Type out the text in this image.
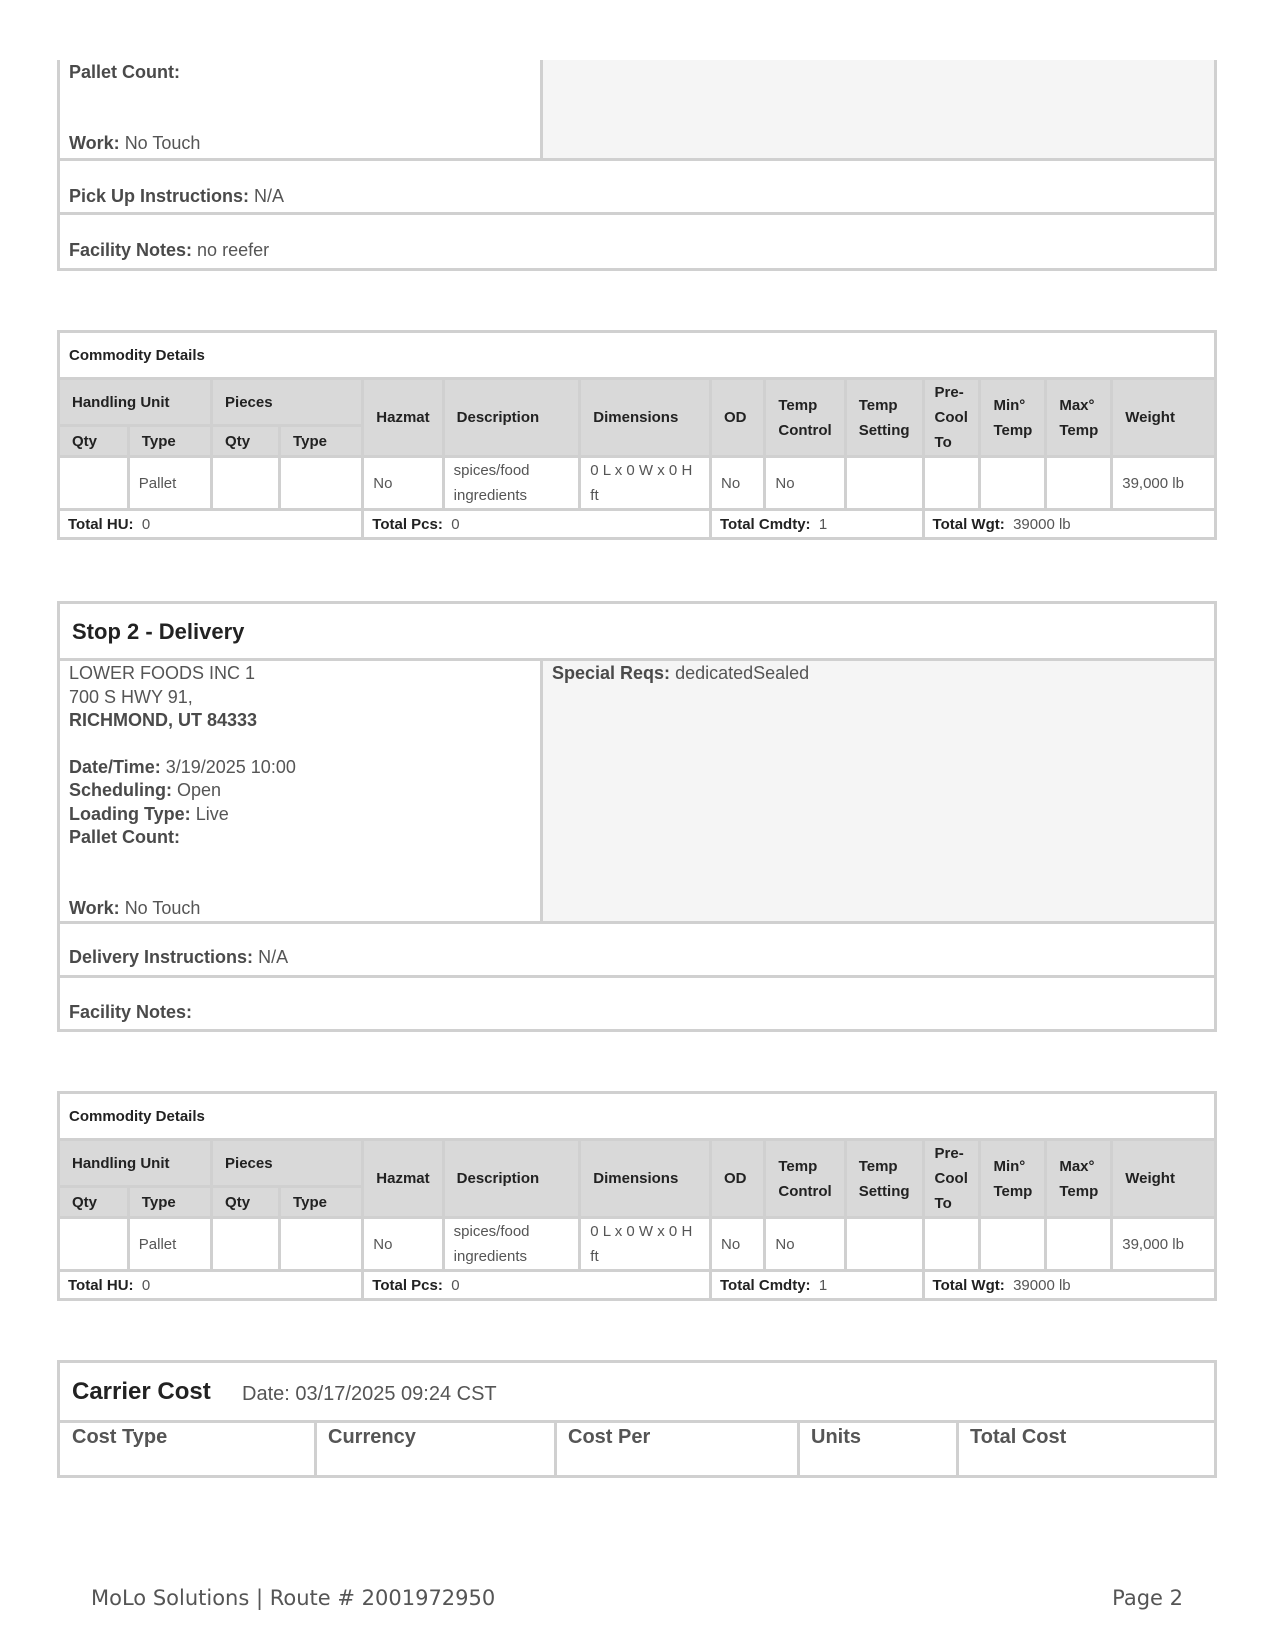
Pallet Count:
Work: No Touch
Pick Up Instructions: N/A
Facility Notes: no reefer
Commodity Details													
Handling Unit		Pieces		Hazmat	Description	Dimensions	OD	Temp Control	Temp Setting	Pre-Cool To	Min° Temp	Max° Temp	Weight
Qty	Type	Qty	Type										
	Pallet			No	spices/food ingredients	0 L x 0 W x 0 H ft	No	No					39,000 lb
Total HU: 0				Total Pcs: 0			Total Cmdty: 1			Total Wgt: 39000 lb			
Stop 2 - Delivery
LOWER FOODS INC 1
700 S HWY 91,
RICHMOND, UT 84333
Date/Time: 3/19/2025 10:00
Scheduling: Open
Loading Type: Live
Pallet Count:
Work: No Touch
Special Reqs: dedicatedSealed
Delivery Instructions: N/A
Facility Notes:
Commodity Details													
Handling Unit		Pieces		Hazmat	Description	Dimensions	OD	Temp Control	Temp Setting	Pre-Cool To	Min° Temp	Max° Temp	Weight
Qty	Type	Qty	Type										
	Pallet			No	spices/food ingredients	0 L x 0 W x 0 H ft	No	No					39,000 lb
Total HU: 0				Total Pcs: 0			Total Cmdty: 1			Total Wgt: 39000 lb			
Carrier Cost Date: 03/17/2025 09:24 CST
Cost Type	Currency	Cost Per	Units	Total Cost
MoLo Solutions | Route # 2001972950	Page 2
